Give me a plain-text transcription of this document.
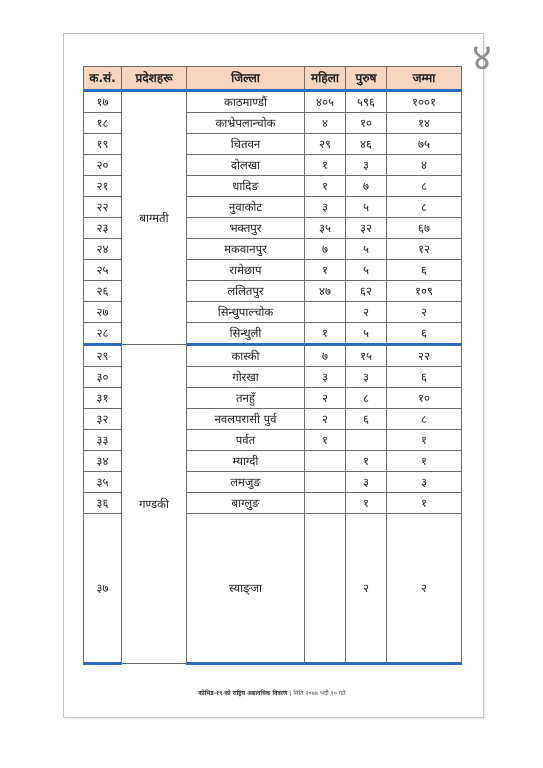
४
क.सं.	प्रदेशहरू	जिल्ला	महिला	पुरुष	जम्मा
१७	बाग्मती	काठमाण्डौं	४०५	५९६	१००१
१८		काभ्रेपलान्चोक	४	१०	१४
१९		चितवन	२९	४६	७५
२०		दोलखा	१	३	४
२१		धादिङ	१	७	८
२२		नुवाकोट	३	५	८
२३		भक्तपुर	३५	३२	६७
२४		मकवानपुर	७	५	१२
२५		रामेछाप	१	५	६
२६		ललितपुर	४७	६२	१०९
२७		सिन्धुपाल्चोक		२	२
२८		सिन्धुली	१	५	६
२९	गण्डकी	कास्की	७	१५	२२
३०		गोरखा	३	३	६
३१		तनहुँ	२	८	१०
३२		नवलपरासी पुर्व	२	६	८
३३		पर्वत	१		१
३४		म्याग्दी		१	१
३५		लमजुङ		३	३
३६		बाग्लुङ		१	१
३७		स्याङ्जा		२	२
कोभिड-१९ को राष्ट्रिय अद्यावधिक विवरण | मिति २०७७ भदौ १० गते
